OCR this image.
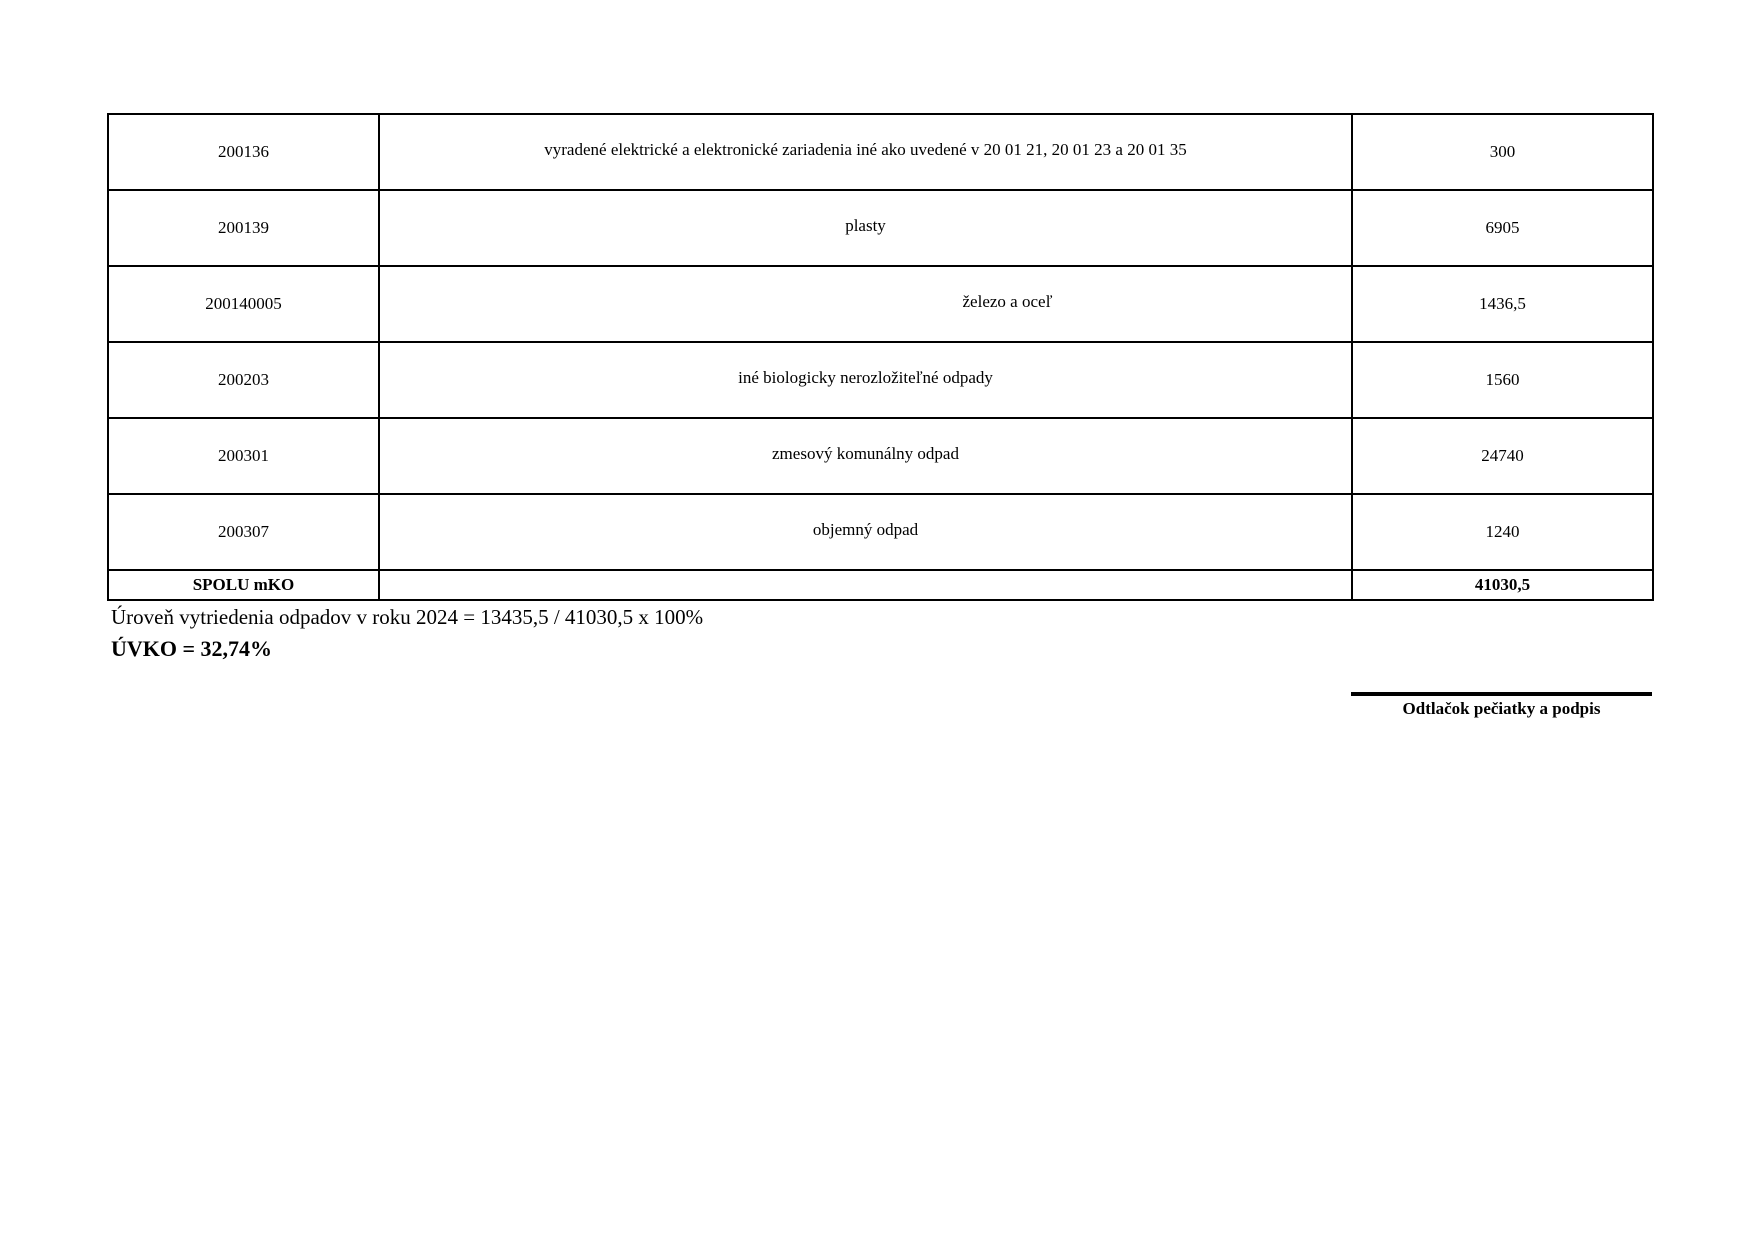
200136	vyradené elektrické a elektronické zariadenia iné ako uvedené v 20 01 21, 20 01 23 a 20 01 35	300
200139	plasty	6905
200140005	železo a oceľ	1436,5
200203	iné biologicky nerozložiteľné odpady	1560
200301	zmesový komunálny odpad	24740
200307	objemný odpad	1240
SPOLU mKO		41030,5
Úroveň vytriedenia odpadov v roku 2024 = 13435,5 / 41030,5 x 100%
ÚVKO = 32,74%
Odtlačok pečiatky a podpis
